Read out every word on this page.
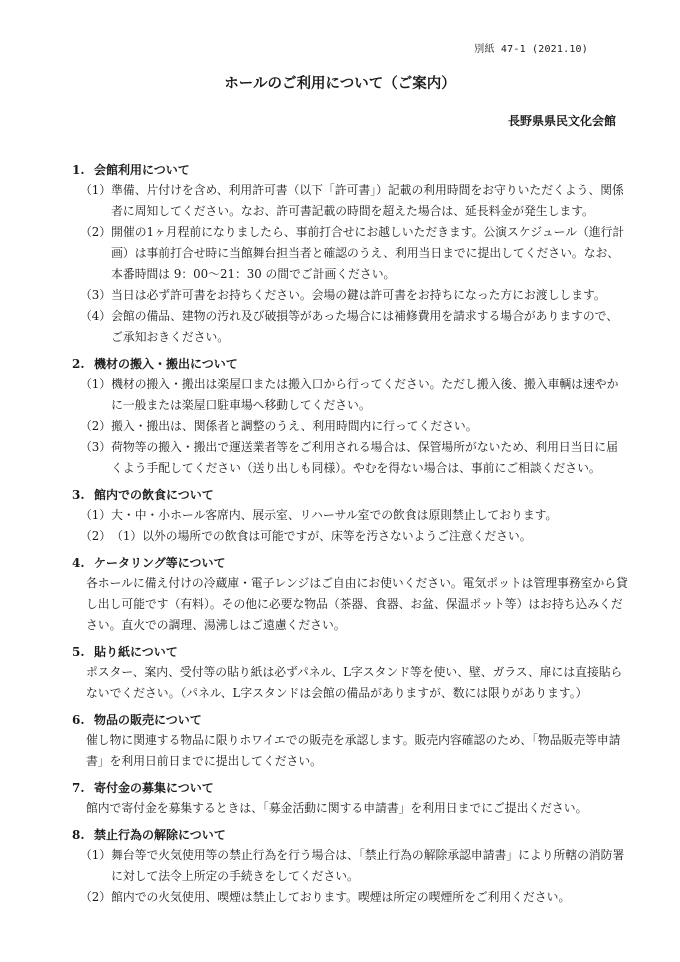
別紙 47-1 (2021.10)
ホールのご利用について（ご案内）
長野県県民文化会館
1. 会館利用について
（1） 準備、片付けを含め、利用許可書（以下「許可書」）記載の利用時間をお守りいただくよう、関係者に周知してください。なお、許可書記載の時間を超えた場合は、延長料金が発生します。
（2） 開催の1ヶ月程前になりましたら、事前打合せにお越しいただきます。公演スケジュール（進行計画）は事前打合せ時に当館舞台担当者と確認のうえ、利用当日までに提出してください。なお、本番時間は 9：00～21：30 の間でご計画ください。
（3） 当日は必ず許可書をお持ちください。会場の鍵は許可書をお持ちになった方にお渡しします。
（4） 会館の備品、建物の汚れ及び破損等があった場合には補修費用を請求する場合がありますので、ご承知おきください。
2. 機材の搬入・搬出について
（1） 機材の搬入・搬出は楽屋口または搬入口から行ってください。ただし搬入後、搬入車輌は速やかに一般または楽屋口駐車場へ移動してください。
（2） 搬入・搬出は、関係者と調整のうえ、利用時間内に行ってください。
（3） 荷物等の搬入・搬出で運送業者等をご利用される場合は、保管場所がないため、利用日当日に届くよう手配してください（送り出しも同様）。やむを得ない場合は、事前にご相談ください。
3. 館内での飲食について
（1） 大・中・小ホール客席内、展示室、リハーサル室での飲食は原則禁止しております。
（2） （1）以外の場所での飲食は可能ですが、床等を汚さないようご注意ください。
4. ケータリング等について
各ホールに備え付けの冷蔵庫・電子レンジはご自由にお使いください。電気ポットは管理事務室から貸し出し可能です（有料）。その他に必要な物品（茶器、食器、お盆、保温ポット等）はお持ち込みください。直火での調理、湯沸しはご遠慮ください。
5. 貼り紙について
ポスター、案内、受付等の貼り紙は必ずパネル、L字スタンド等を使い、壁、ガラス、扉には直接貼らないでください。（パネル、L字スタンドは会館の備品がありますが、数には限りがあります。）
6. 物品の販売について
催し物に関連する物品に限りホワイエでの販売を承認します。販売内容確認のため、「物品販売等申請書」を利用日前日までに提出してください。
7. 寄付金の募集について
館内で寄付金を募集するときは、「募金活動に関する申請書」を利用日までにご提出ください。
8. 禁止行為の解除について
（1） 舞台等で火気使用等の禁止行為を行う場合は、「禁止行為の解除承認申請書」により所轄の消防署に対して法令上所定の手続きをしてください。
（2） 館内での火気使用、喫煙は禁止しております。喫煙は所定の喫煙所をご利用ください。
